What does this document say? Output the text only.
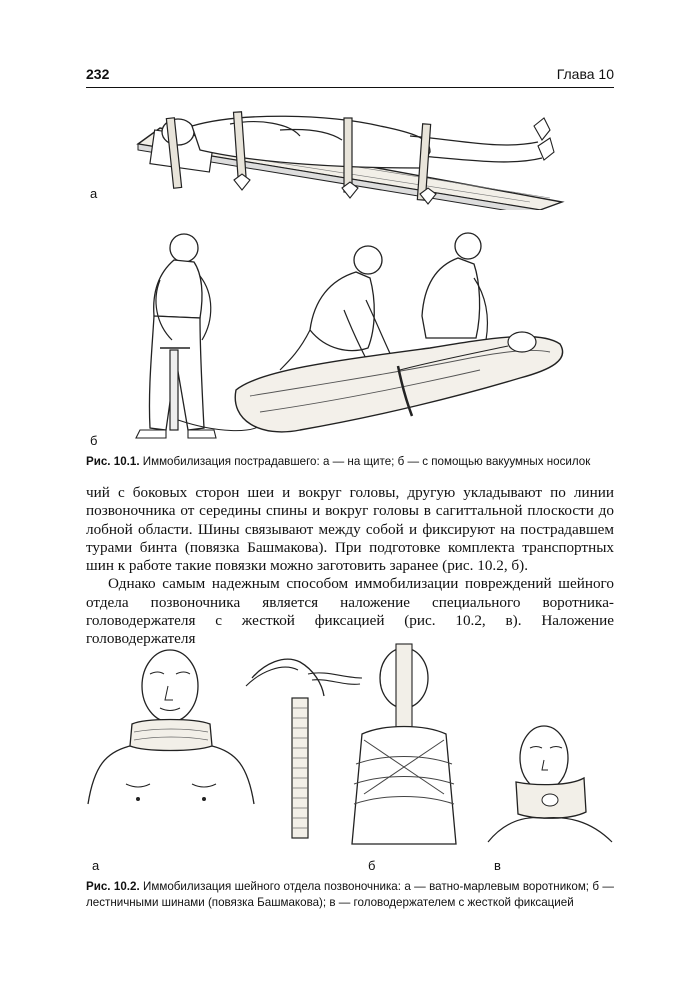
232	Глава 10
а
б
Рис. 10.1. Иммобилизация пострадавшего: а — на щите; б — с помощью вакуумных носилок

чий с боковых сторон шеи и вокруг головы, другую укладывают по линии позвоночника от середины спины и вокруг головы в сагиттальной плоскости до лобной области. Шины связывают между собой и фиксируют на пострадавшем турами бинта (повязка Башмакова). При подготовке комплекта транспортных шин к работе такие повязки можно заготовить заранее (рис. 10.2, б).

Однако самым надежным способом иммобилизации повреждений шейного отдела позвоночника является наложение специального воротника-головодержателя с жесткой фиксацией (рис. 10.2, в). Наложение головодержателя

а	б	в
Рис. 10.2. Иммобилизация шейного отдела позвоночника: а — ватно-марлевым воротником; б — лестничными шинами (повязка Башмакова); в — головодержателем с жесткой фиксацией
